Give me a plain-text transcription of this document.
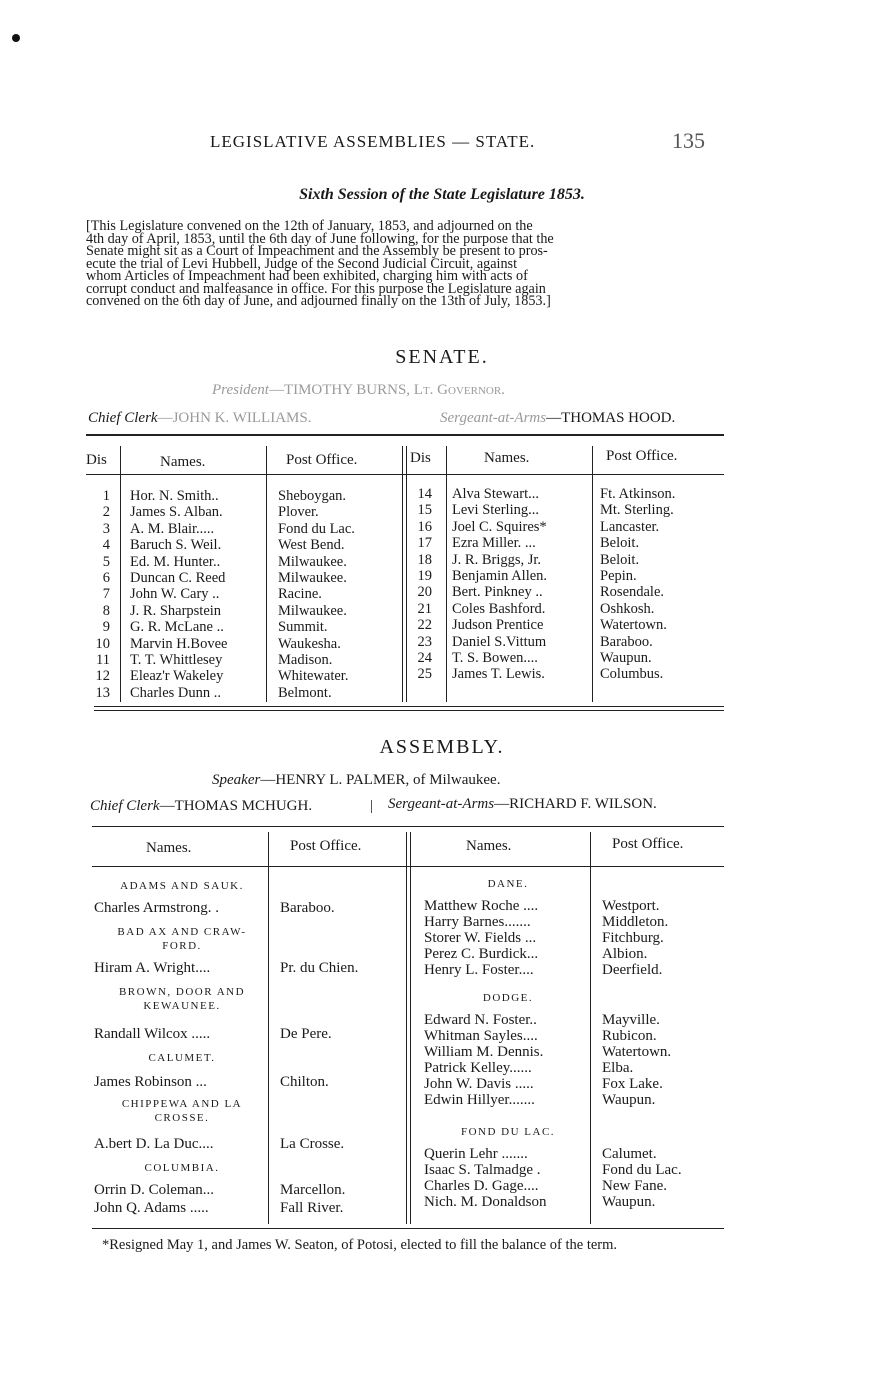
LEGISLATIVE ASSEMBLIES — STATE.	135
Sixth Session of the State Legislature 1853.
[This Legislature convened on the 12th of January, 1853, and adjourned on the
4th day of April, 1853, until the 6th day of June following, for the purpose that the
Senate might sit as a Court of Impeachment and the Assembly be present to pros-
ecute the trial of Levi Hubbell, Judge of the Second Judicial Circuit, against
whom Articles of Impeachment had been exhibited, charging him with acts of
corrupt conduct and malfeasance in office. For this purpose the Legislature again
convened on the 6th day of June, and adjourned finally on the 13th of July, 1853.]
SENATE.
President—TIMOTHY BURNS, Lt. Governor.
Chief Clerk—JOHN K. WILLIAMS.	Sergeant-at-Arms—THOMAS HOOD.
Dis	Names.	Post Office.	Dis	Names.	Post Office.
1 Hor. N. Smith..	Sheboygan.
2 James S. Alban.	Plover.
3 A. M. Blair.....	Fond du Lac.
4 Baruch S. Weil.	West Bend.
5 Ed. M. Hunter..	Milwaukee.
6 Duncan C. Reed	Milwaukee.
7 John W. Cary ..	Racine.
8 J. R. Sharpstein	Milwaukee.
9 G. R. McLane ..	Summit.
10 Marvin H.Bovee	Waukesha.
11 T. T. Whittlesey	Madison.
12 Eleaz'r Wakeley	Whitewater.
13 Charles Dunn ..	Belmont.
14 Alva Stewart...	Ft. Atkinson.
15 Levi Sterling...	Mt. Sterling.
16 Joel C. Squires*	Lancaster.
17 Ezra Miller. ...	Beloit.
18 J. R. Briggs, Jr.	Beloit.
19 Benjamin Allen.	Pepin.
20 Bert. Pinkney ..	Rosendale.
21 Coles Bashford.	Oshkosh.
22 Judson Prentice	Watertown.
23 Daniel S.Vittum	Baraboo.
24 T. S. Bowen....	Waupun.
25 James T. Lewis.	Columbus.
ASSEMBLY.
Speaker—HENRY L. PALMER, of Milwaukee.
Chief Clerk—THOMAS MCHUGH.	| Sergeant-at-Arms—RICHARD F. WILSON.
Names.	Post Office.	Names.	Post Office.
ADAMS AND SAUK.
Charles Armstrong. .	Baraboo.
BAD AX AND CRAW-
FORD.
Hiram A. Wright....	Pr. du Chien.
BROWN, DOOR AND
KEWAUNEE.
Randall Wilcox .....	De Pere.
CALUMET.
James Robinson ...	Chilton.
CHIPPEWA AND LA
CROSSE.
A.bert D. La Duc....	La Crosse.
COLUMBIA.
Orrin D. Coleman...	Marcellon.
John Q. Adams .....	Fall River.
DANE.
Matthew Roche ....	Westport.
Harry Barnes.......	Middleton.
Storer W. Fields ...	Fitchburg.
Perez C. Burdick...	Albion.
Henry L. Foster....	Deerfield.
DODGE.
Edward N. Foster..	Mayville.
Whitman Sayles....	Rubicon.
William M. Dennis.	Watertown.
Patrick Kelley......	Elba.
John W. Davis .....	Fox Lake.
Edwin Hillyer.......	Waupun.
FOND DU LAC.
Querin Lehr .......	Calumet.
Isaac S. Talmadge .	Fond du Lac.
Charles D. Gage....	New Fane.
Nich. M. Donaldson	Waupun.
*Resigned May 1, and James W. Seaton, of Potosi, elected to fill the balance of the term.
